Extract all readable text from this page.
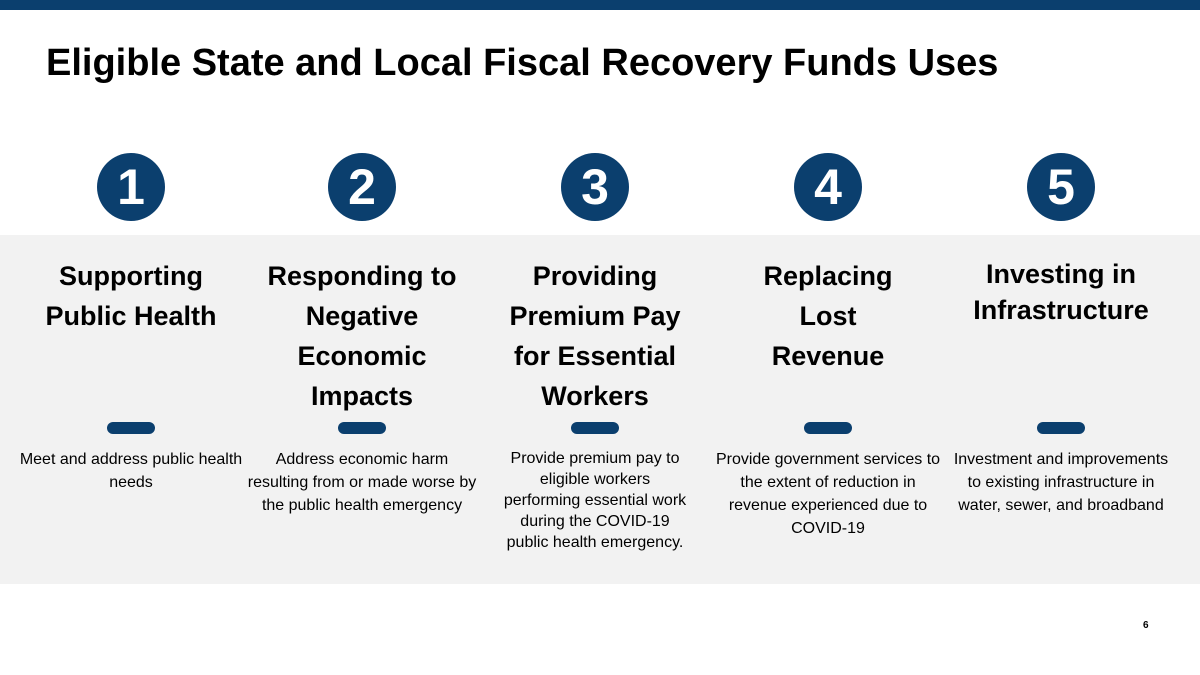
Eligible State and Local Fiscal Recovery Funds Uses
1
Supporting
Public Health
Meet and address public health needs
2
Responding to
Negative
Economic
Impacts
Address economic harm resulting from or made worse by the public health emergency
3
Providing
Premium Pay
for Essential
Workers
Provide premium pay to eligible workers performing essential work during the COVID-19 public health emergency.
4
Replacing
Lost
Revenue
Provide government services to the extent of reduction in revenue experienced due to COVID-19
5
Investing in
Infrastructure
Investment and improvements to existing infrastructure in water, sewer, and broadband
6
